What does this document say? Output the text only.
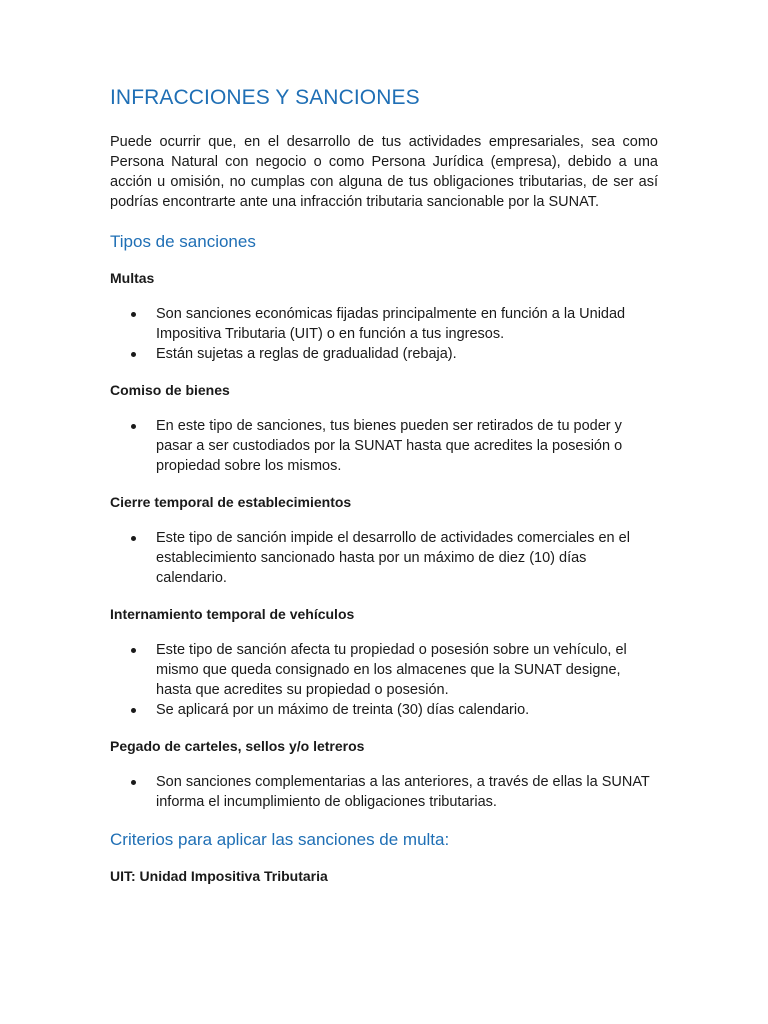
INFRACCIONES Y SANCIONES

Puede ocurrir que, en el desarrollo de tus actividades empresariales, sea como Persona Natural con negocio o como Persona Jurídica (empresa), debido a una acción u omisión, no cumplas con alguna de tus obligaciones tributarias, de ser así podrías encontrarte ante una infracción tributaria sancionable por la SUNAT.

Tipos de sanciones
Multas
Son sanciones económicas fijadas principalmente en función a la Unidad Impositiva Tributaria (UIT) o en función a tus ingresos.
Están sujetas a reglas de gradualidad (rebaja).
Comiso de bienes
En este tipo de sanciones, tus bienes pueden ser retirados de tu poder y pasar a ser custodiados por la SUNAT hasta que acredites la posesión o propiedad sobre los mismos.
Cierre temporal de establecimientos
Este tipo de sanción impide el desarrollo de actividades comerciales en el establecimiento sancionado hasta por un máximo de diez (10) días calendario.
Internamiento temporal de vehículos
Este tipo de sanción afecta tu propiedad o posesión sobre un vehículo, el mismo que queda consignado en los almacenes que la SUNAT designe, hasta que acredites su propiedad o posesión.
Se aplicará por un máximo de treinta (30) días calendario.
Pegado de carteles, sellos y/o letreros
Son sanciones complementarias a las anteriores, a través de ellas la SUNAT informa el incumplimiento de obligaciones tributarias.
Criterios para aplicar las sanciones de multa:
UIT: Unidad Impositiva Tributaria
